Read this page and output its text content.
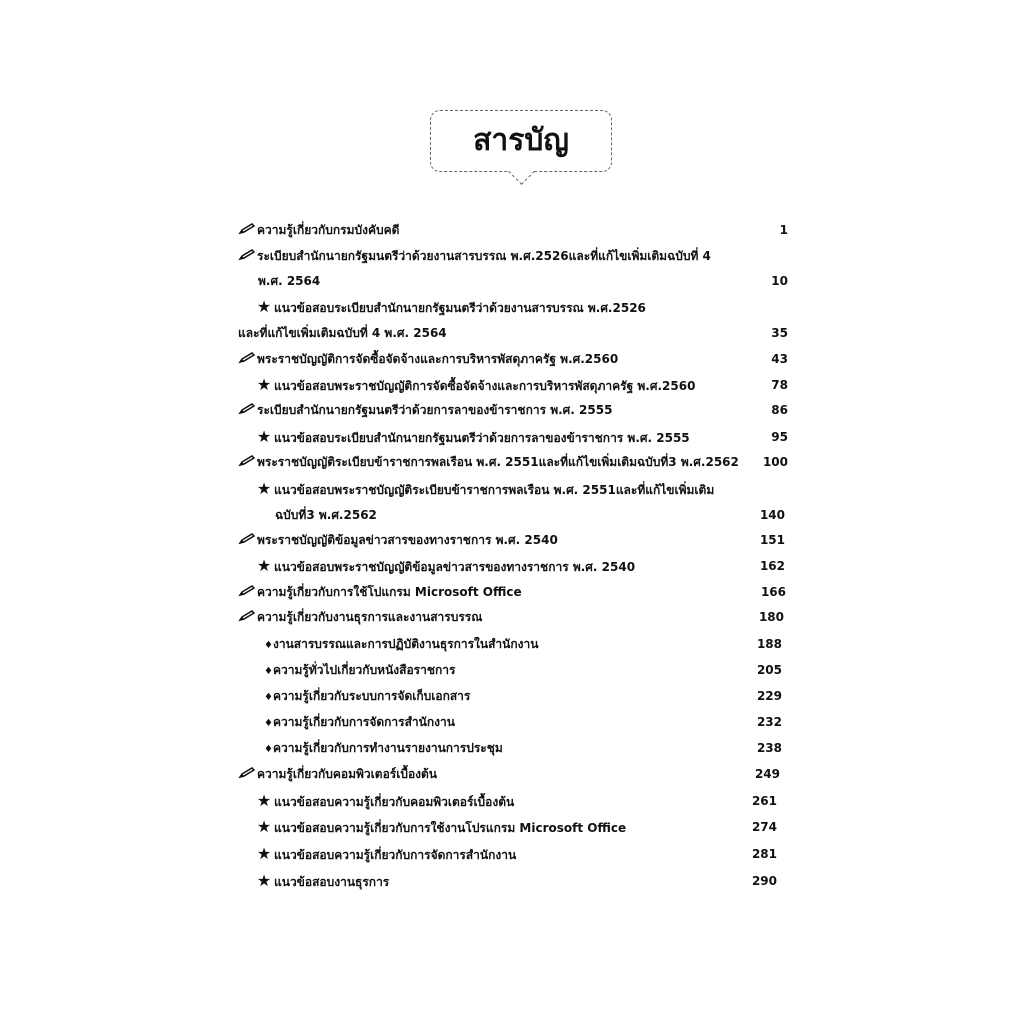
สารบัญ
ความรู้เกี่ยวกับกรมบังคับคดี	1
ระเบียบสำนักนายกรัฐมนตรีว่าด้วยงานสารบรรณ พ.ศ.2526และที่แก้ไขเพิ่มเติมฉบับที่ 4
พ.ศ. 2564	10
★ แนวข้อสอบระเบียบสำนักนายกรัฐมนตรีว่าด้วยงานสารบรรณ พ.ศ.2526
และที่แก้ไขเพิ่มเติมฉบับที่ 4 พ.ศ. 2564	35
พระราชบัญญัติการจัดซื้อจัดจ้างและการบริหารพัสดุภาครัฐ พ.ศ.2560	43
★ แนวข้อสอบพระราชบัญญัติการจัดซื้อจัดจ้างและการบริหารพัสดุภาครัฐ พ.ศ.2560	78
ระเบียบสำนักนายกรัฐมนตรีว่าด้วยการลาของข้าราชการ พ.ศ. 2555	86
★ แนวข้อสอบระเบียบสำนักนายกรัฐมนตรีว่าด้วยการลาของข้าราชการ พ.ศ. 2555	95
พระราชบัญญัติระเบียบข้าราชการพลเรือน พ.ศ. 2551และที่แก้ไขเพิ่มเติมฉบับที่3 พ.ศ.2562 100
★ แนวข้อสอบพระราชบัญญัติระเบียบข้าราชการพลเรือน พ.ศ. 2551และที่แก้ไขเพิ่มเติม
ฉบับที่3 พ.ศ.2562	140
พระราชบัญญัติข้อมูลข่าวสารของทางราชการ พ.ศ. 2540	151
★ แนวข้อสอบพระราชบัญญัติข้อมูลข่าวสารของทางราชการ พ.ศ. 2540	162
ความรู้เกี่ยวกับการใช้โปแกรม Microsoft Office	166
ความรู้เกี่ยวกับงานธุรการและงานสารบรรณ	180
♦งานสารบรรณและการปฏิบัติงานธุรการในสำนักงาน	188
♦ความรู้ทั่วไปเกี่ยวกับหนังสือราชการ	205
♦ความรู้เกี่ยวกับระบบการจัดเก็บเอกสาร	229
♦ความรู้เกี่ยวกับการจัดการสำนักงาน	232
♦ความรู้เกี่ยวกับการทำงานรายงานการประชุม	238
ความรู้เกี่ยวกับคอมพิวเตอร์เบื้องต้น	249
★ แนวข้อสอบความรู้เกี่ยวกับคอมพิวเตอร์เบื้องต้น	261
★ แนวข้อสอบความรู้เกี่ยวกับการใช้งานโปรแกรม Microsoft Office	274
★ แนวข้อสอบความรู้เกี่ยวกับการจัดการสำนักงาน	281
★ แนวข้อสอบงานธุรการ	290
